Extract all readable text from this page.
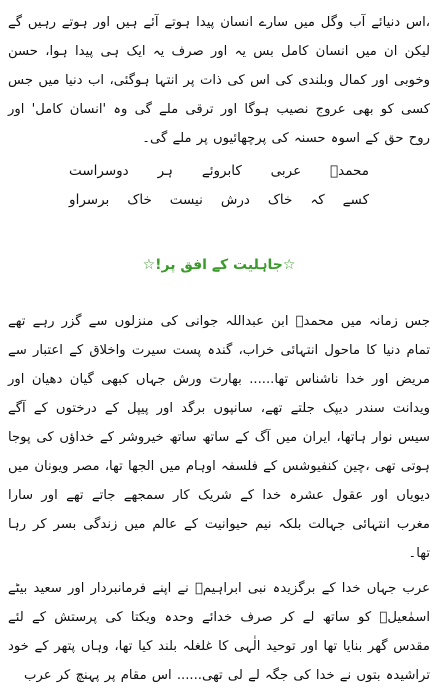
،اس دنیائے آب وگل میں سارے انسان پیدا ہوتے آئے ہیں اور ہوتے رہیں گے لیکن ان میں انسان کامل بس یہ اور صرف یہ ایک ہی پیدا ہوا، حسن وخوبی اور کمال وبلندی کی اس کی ذات پر انتہا ہوگئی، اب دنیا میں جس کسی کو بھی عروج نصیب ہوگا اور ترقی ملے گی وہ 'انسان کامل' اور روح حق کے اسوہ حسنہ کی پرچھائیوں پر ملے گی۔

محمدؐ
عربی
کابروئے
ہر
دوسراست
کسے
کہ
خاک
درش
نیست
خاک
برسراو
☆جاہلیت کے افق پر!☆

جس زمانہ میں محمدؐ ابن عبداللہ جوانی کی منزلوں سے گزر رہے تھے تمام دنیا کا ماحول انتہائی خراب، گندہ پست سیرت واخلاق کے اعتبار سے مریض اور خدا ناشناس تھا...... بھارت ورش جہاں کبھی گیان دھیان اور ویدانت سندر دیپک جلتے تھے، سانپوں برگد اور پیپل کے درختوں کے آگے سیس نوار ہاتھا، ایران میں آگ کے ساتھ ساتھ خیروشر کے خداؤں کی پوجا ہوتی تھی ،چین کنفیوشس کے فلسفہ اوہام میں الجھا تھا، مصر ویونان میں دیویاں اور عقول عشرہ خدا کے شریک کار سمجھے جاتے تھے اور سارا مغرب انتہائی جہالت بلکہ نیم حیوانیت کے عالم میں زندگی بسر کر رہا تھا۔

عرب جہاں خدا کے برگزیدہ نبی ابراہیمؑ نے اپنے فرمانبردار اور سعید بیٹے اسمٰعیلؑ کو ساتھ لے کر صرف خدائے وحدہ ویکتا کی پرستش کے لئے مقدس گھر بنایا تھا اور توحید الٰہی کا غلغلہ بلند کیا تھا، وہاں پتھر کے خود تراشیدہ بتوں نے خدا کی جگہ لے لی تھی...... اس مقام پر پہنچ کر عرب
